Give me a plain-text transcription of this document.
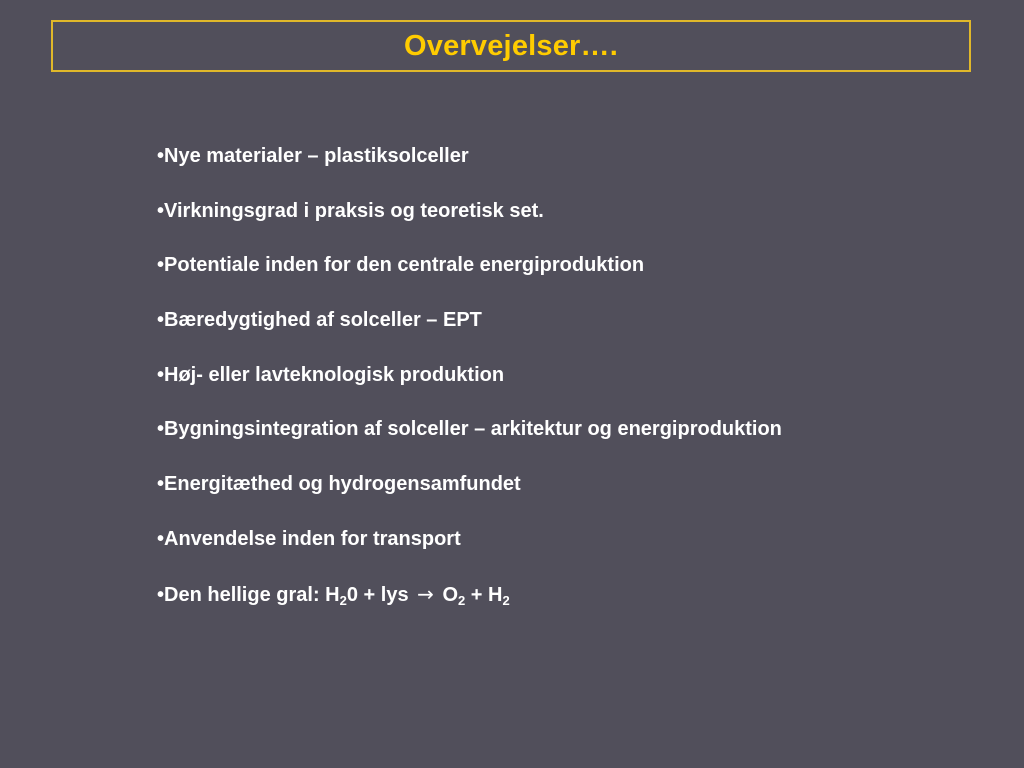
Overvejelser….
•Nye materialer – plastiksolceller
•Virkningsgrad i praksis og teoretisk set.
•Potentiale inden for den centrale energiproduktion
•Bæredygtighed af solceller – EPT
•Høj- eller lavteknologisk produktion
•Bygningsintegration af solceller – arkitektur og energiproduktion
•Energitæthed og hydrogensamfundet
•Anvendelse inden for transport
•Den hellige gral: $H_20$ + lys → $O_2 + H_2$
